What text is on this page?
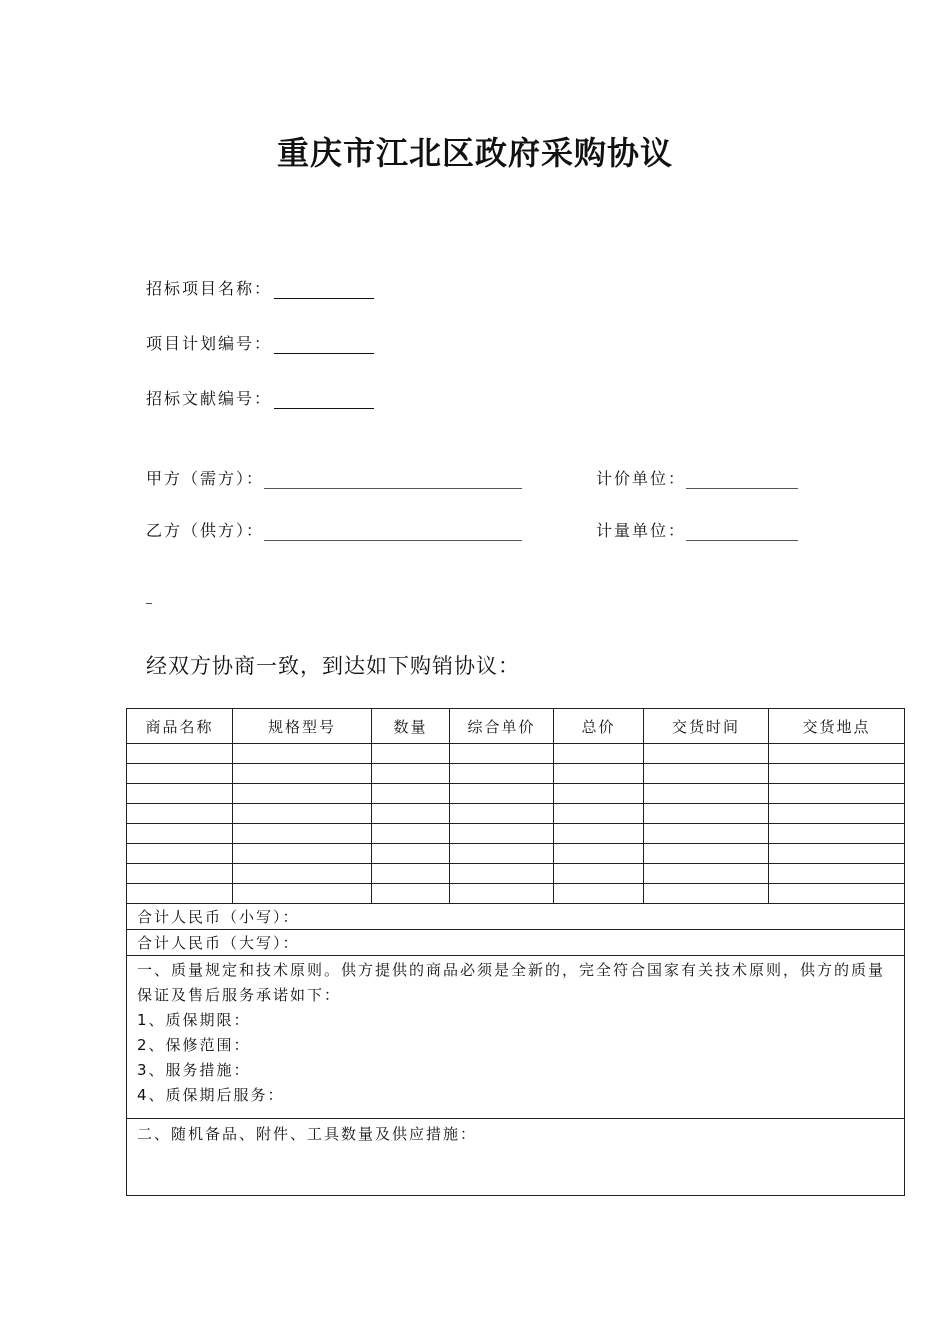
重庆市江北区政府采购协议
招标项目名称：
项目计划编号：
招标文献编号：
甲方（需方）：	计价单位：
乙方（供方）：	计量单位：
_
经双方协商一致，到达如下购销协议：
商品名称	规格型号	数量	综合单价	总价	交货时间	交货地点

合计人民币（小写）：						
合计人民币（大写）：						

一、质量规定和技术原则。供方提供的商品必须是全新的，完全符合国家有关技术原则，供方的质量保证及售后服务承诺如下：
1、质保期限：
2、保修范围：
3、服务措施：
4、质保期后服务：						

二、随机备品、附件、工具数量及供应措施：						
